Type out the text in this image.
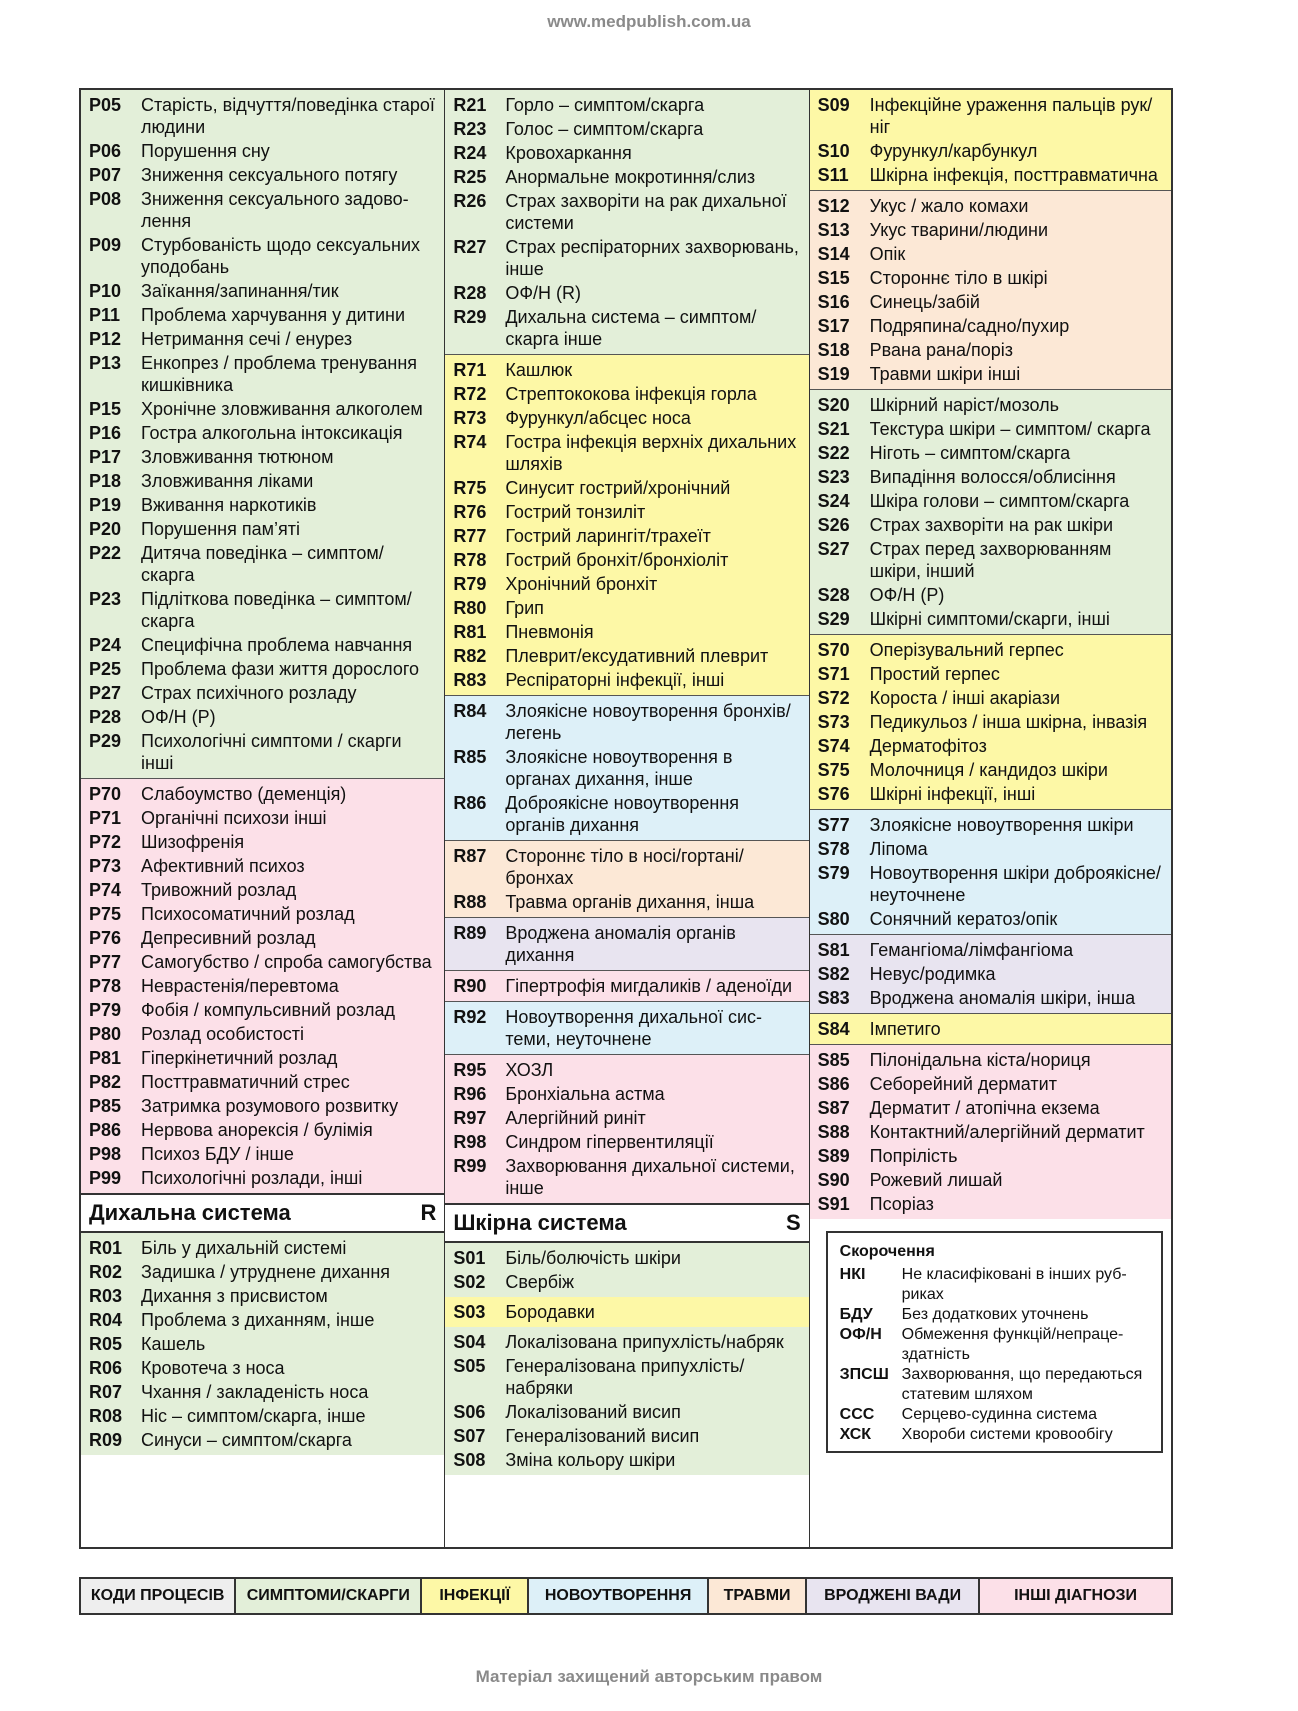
www.medpublish.com.ua
P05	Старість, відчуття/поведінка старої людини
P06	Порушення сну
P07	Зниження сексуального потягу
P08	Зниження сексуального задоволення
P09	Стурбованість щодо сексуальних уподобань
P10	Заїкання/запинання/тик
P11	Проблема харчування у дитини
P12	Нетримання сечі / енурез
P13	Енкопрез / проблема тренування кишківника
P15	Хронічне зловживання алкоголем
P16	Гостра алкогольна інтоксикація
P17	Зловживання тютюном
P18	Зловживання ліками
P19	Вживання наркотиків
P20	Порушення пам’яті
P22	Дитяча поведінка – симптом/ скарга
P23	Підліткова поведінка – симптом/ скарга
P24	Специфічна проблема навчання
P25	Проблема фази життя дорослого
P27	Страх психічного розладу
P28	ОФ/Н (Р)
P29	Психологічні симптоми / скарги інші
P70	Слабоумство (деменція)
P71	Органічні психози інші
P72	Шизофренія
P73	Афективний психоз
P74	Тривожний розлад
P75	Психосоматичний розлад
P76	Депресивний розлад
P77	Самогубство / спроба самогубства
P78	Неврастенія/перевтома
P79	Фобія / компульсивний розлад
P80	Розлад особистості
P81	Гіперкінетичний розлад
P82	Посттравматичний стрес
P85	Затримка розумового розвитку
P86	Нервова анорексія / булімія
P98	Психоз БДУ / інше
P99	Психологічні розлади, інші
Дихальна система	R
R01	Біль у дихальній системі
R02	Задишка / утруднене дихання
R03	Дихання з присвистом
R04	Проблема з диханням, інше
R05	Кашель
R06	Кровотеча з носа
R07	Чхання / закладеність носа
R08	Ніс – симптом/скарга, інше
R09	Синуси – симптом/скарга
R21	Горло – симптом/скарга
R23	Голос – симптом/скарга
R24	Кровохаркання
R25	Анормальне мокротиння/слиз
R26	Страх захворіти на рак дихальної системи
R27	Страх респіраторних захворювань, інше
R28	ОФ/Н (R)
R29	Дихальна система – симптом/ скарга інше
R71	Кашлюк
R72	Стрептококова інфекція горла
R73	Фурункул/абсцес носа
R74	Гостра інфекція верхніх дихальних шляхів
R75	Синусит гострий/хронічний
R76	Гострий тонзиліт
R77	Гострий ларингіт/трахеїт
R78	Гострий бронхіт/бронхіоліт
R79	Хронічний бронхіт
R80	Грип
R81	Пневмонія
R82	Плеврит/ексудативний плеврит
R83	Респіраторні інфекції, інші
R84	Злоякісне новоутворення бронхів/легень
R85	Злоякісне новоутворення в органах дихання, інше
R86	Доброякісне новоутворення органів дихання
R87	Стороннє тіло в носі/гортані/ бронхах
R88	Травма органів дихання, інша
R89	Вроджена аномалія органів дихання
R90	Гіпертрофія мигдаликів / аденоїди
R92	Новоутворення дихальної системи, неуточнене
R95	ХОЗЛ
R96	Бронхіальна астма
R97	Алергійний риніт
R98	Синдром гіпервентиляції
R99	Захворювання дихальної системи, інше
Шкірна система	S
S01	Біль/болючість шкіри
S02	Свербіж
S03	Бородавки
S04	Локалізована припухлість/набряк
S05	Генералізована припухлість/ набряки
S06	Локалізований висип
S07	Генералізований висип
S08	Зміна кольору шкіри
S09	Інфекційне ураження пальців рук/ніг
S10	Фурункул/карбункул
S11	Шкірна інфекція, посттравматична
S12	Укус / жало комахи
S13	Укус тварини/людини
S14	Опік
S15	Стороннє тіло в шкірі
S16	Синець/забій
S17	Подряпина/садно/пухир
S18	Рвана рана/поріз
S19	Травми шкіри інші
S20	Шкірний наріст/мозоль
S21	Текстура шкіри – симптом/ скарга
S22	Ніготь – симптом/скарга
S23	Випадіння волосся/облисіння
S24	Шкіра голови – симптом/скарга
S26	Страх захворіти на рак шкіри
S27	Страх перед захворюванням шкіри, інший
S28	ОФ/Н (Р)
S29	Шкірні симптоми/скарги, інші
S70	Оперізувальний герпес
S71	Простий герпес
S72	Короста / інші акаріази
S73	Педикульоз / інша шкірна, інвазія
S74	Дерматофітоз
S75	Молочниця / кандидоз шкіри
S76	Шкірні інфекції, інші
S77	Злоякісне новоутворення шкіри
S78	Ліпома
S79	Новоутворення шкіри доброякісне/неуточнене
S80	Сонячний кератоз/опік
S81	Гемангіома/лімфангіома
S82	Невус/родимка
S83	Вроджена аномалія шкіри, інша
S84	Імпетиго
S85	Пілонідальна кіста/нориця
S86	Себорейний дерматит
S87	Дерматит / атопічна екзема
S88	Контактний/алергійний дерматит
S89	Попрілість
S90	Рожевий лишай
S91	Псоріаз
Скорочення
НКІ	Не класифіковані в інших рубриках
БДУ	Без додаткових уточнень
ОФ/Н	Обмеження функцій/непрацездатність
ЗПСШ Захворювання, що передаються статевим шляхом
ССС	Серцево-судинна система
ХСК	Хвороби системи кровообігу
КОДИ ПРОЦЕСІВ	СИМПТОМИ/СКАРГИ	ІНФЕКЦІЇ	НОВОУТВОРЕННЯ	ТРАВМИ	ВРОДЖЕНІ ВАДИ	ІНШІ ДІАГНОЗИ
Матеріал захищений авторським правом
